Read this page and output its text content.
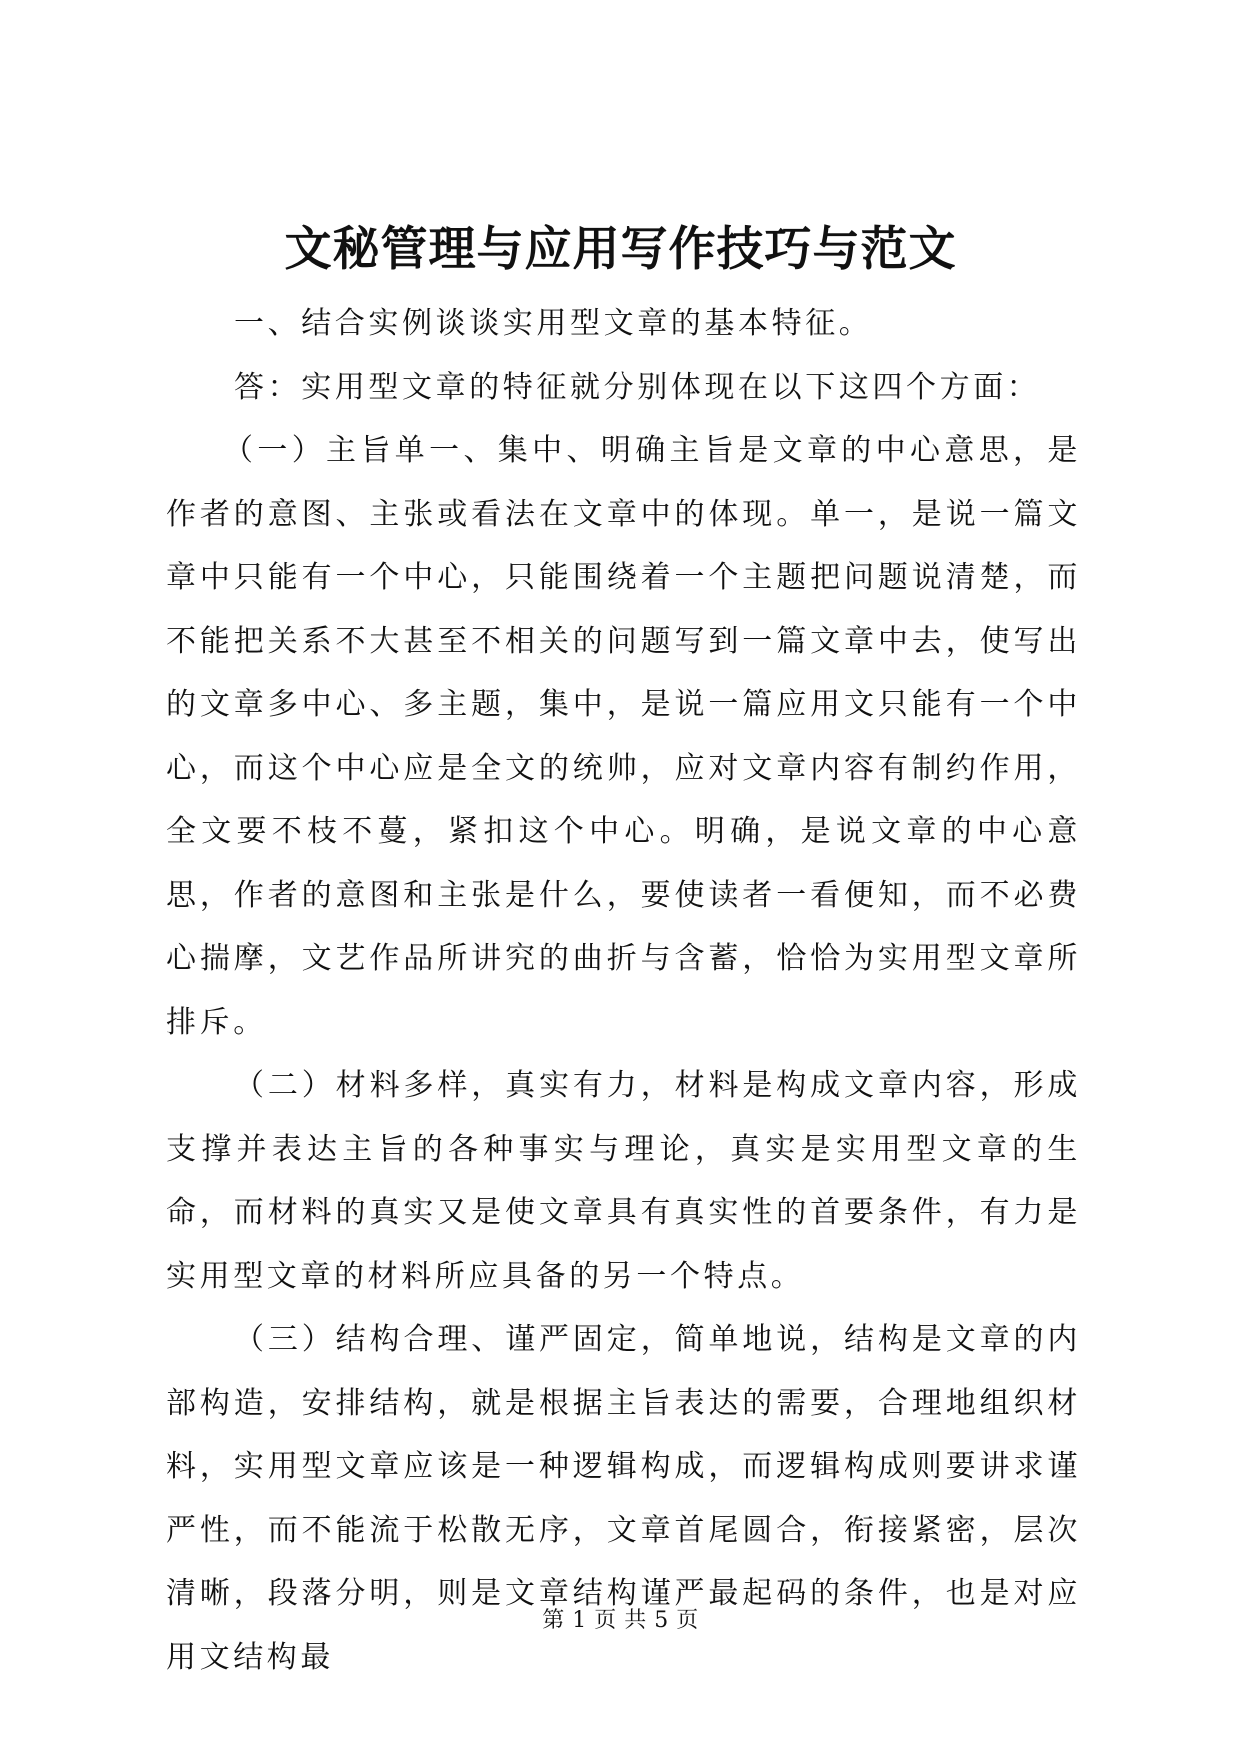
文秘管理与应用写作技巧与范文

一、结合实例谈谈实用型文章的基本特征。

答：实用型文章的特征就分别体现在以下这四个方面：

（一）主旨单一、集中、明确主旨是文章的中心意思，是作者的意图、主张或看法在文章中的体现。单一，是说一篇文章中只能有一个中心，只能围绕着一个主题把问题说清楚，而不能把关系不大甚至不相关的问题写到一篇文章中去，使写出的文章多中心、多主题，集中，是说一篇应用文只能有一个中心，而这个中心应是全文的统帅，应对文章内容有制约作用，全文要不枝不蔓，紧扣这个中心。明确，是说文章的中心意思，作者的意图和主张是什么，要使读者一看便知，而不必费心揣摩，文艺作品所讲究的曲折与含蓄，恰恰为实用型文章所排斥。

（二）材料多样，真实有力，材料是构成文章内容，形成支撑并表达主旨的各种事实与理论，真实是实用型文章的生命，而材料的真实又是使文章具有真实性的首要条件，有力是实用型文章的材料所应具备的另一个特点。

（三）结构合理、谨严固定，简单地说，结构是文章的内部构造，安排结构，就是根据主旨表达的需要，合理地组织材料，实用型文章应该是一种逻辑构成，而逻辑构成则要讲求谨严性，而不能流于松散无序，文章首尾圆合，衔接紧密，层次清晰，段落分明，则是文章结构谨严最起码的条件，也是对应用文结构最

第 1 页 共 5 页
